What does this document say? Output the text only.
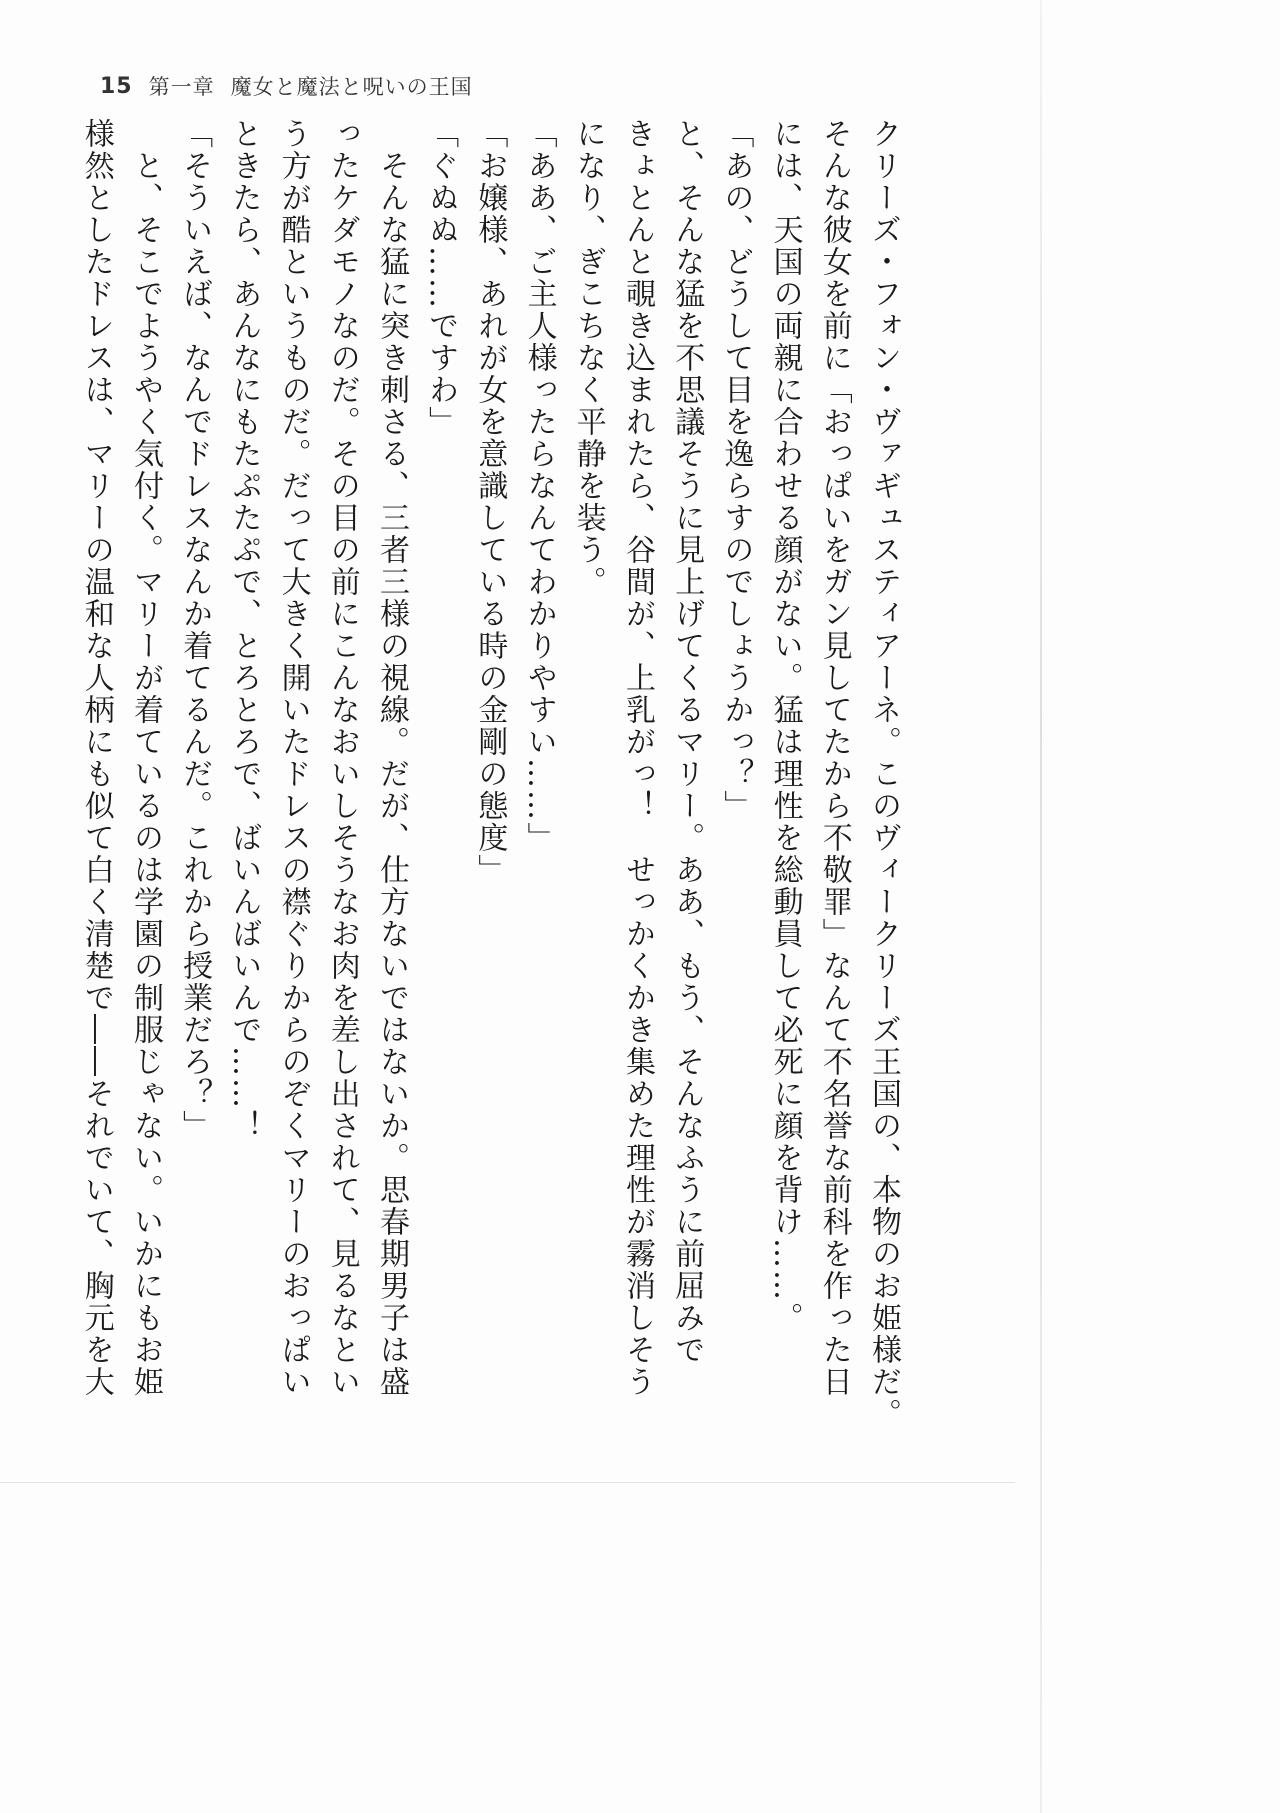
15 第一章 魔女と魔法と呪いの王国

クリーズ・フォン・ヴァギュスティアーネ。このヴィークリーズ王国の、本物のお姫様だ。

そんな彼女を前に「おっぱいをガン見してたから不敬罪」なんて不名誉な前科を作った日

には、天国の両親に合わせる顔がない。猛は理性を総動員して必死に顔を背け……。

「あの、どうして目を逸らすのでしょうかっ？」

と、そんな猛を不思議そうに見上げてくるマリー。ああ、もう、そんなふうに前屈みで

きょとんと覗き込まれたら、谷間が、上乳がっ！　せっかくかき集めた理性が霧消しそう

になり、ぎこちなく平静を装う。

「ああ、ご主人様ったらなんてわかりやすい……」

「お嬢様、あれが女を意識している時の金剛の態度」

「ぐぬぬ……ですわ」

　そんな猛に突き刺さる、三者三様の視線。だが、仕方ないではないか。思春期男子は盛

ったケダモノなのだ。その目の前にこんなおいしそうなお肉を差し出されて、見るなとい

う方が酷というものだ。だって大きく開いたドレスの襟ぐりからのぞくマリーのおっぱい

ときたら、あんなにもたぷたぷで、とろとろで、ばいんばいんで……！

「そういえば、なんでドレスなんか着てるんだ。これから授業だろ？」

　と、そこでようやく気付く。マリーが着ているのは学園の制服じゃない。いかにもお姫

様然としたドレスは、マリーの温和な人柄にも似て白く清楚で――それでいて、胸元を大
